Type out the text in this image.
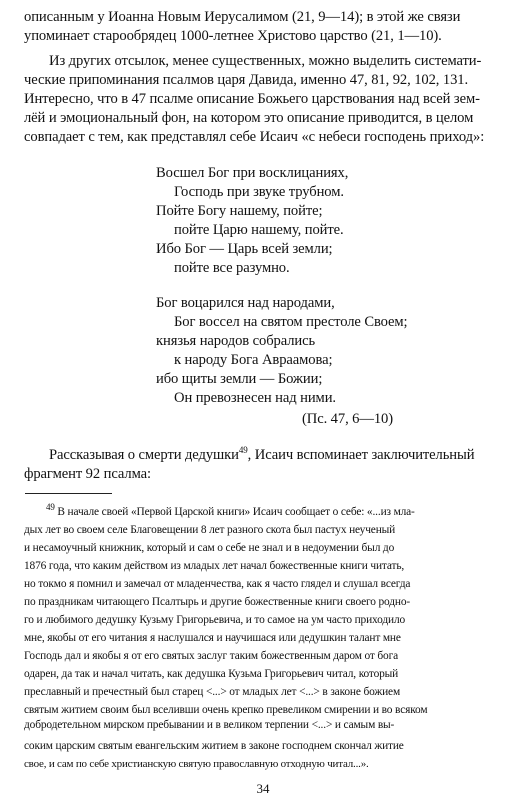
описанным у Иоанна Новым Иерусалимом (21, 9—14); в этой же связи
упоминает старообрядец 1000-летнее Христово царство (21, 1—10).
Из других отсылок, менее существенных, можно выделить системати-
ческие припоминания псалмов царя Давида, именно 47, 81, 92, 102, 131.
Интересно, что в 47 псалме описание Божьего царствования над всей зем-
лёй и эмоциональный фон, на котором это описание приводится, в целом
совпадает с тем, как представлял себе Исаич «с небеси господень приход»:
Восшел Бог при восклицаниях,
Господь при звуке трубном.
Пойте Богу нашему, пойте;
пойте Царю нашему, пойте.
Ибо Бог — Царь всей земли;
пойте все разумно.
Бог воцарился над народами,
Бог воссел на святом престоле Своем;
князья народов собрались
к народу Бога Авраамова;
ибо щиты земли — Божии;
Он превознесен над ними.
(Пс. 47, 6—10)
Рассказывая о смерти дедушки$^{49}$, Исаич вспоминает заключительный
фрагмент 92 псалма:
$^{49}$ В начале своей «Первой Царской книги» Исаич сообщает о себе: «...из мла-
дых лет во своем селе Благовещении 8 лет разного скота был пастух неученый
и несамоучный книжник, который и сам о себе не знал и в недоумении был до
1876 года, что каким действом из младых лет начал божественные книги читать,
но токмо я помнил и замечал от младенчества, как я часто глядел и слушал всегда
по праздникам читающего Псалтырь и другие божественные книги своего родно-
го и любимого дедушку Кузьму Григорьевича, и то самое на ум часто приходило
мне, якобы от его читания я наслушался и научишася или дедушкин талант мне
Господь дал и якобы я от его святых заслуг таким божественным даром от бога
одарен, да так и начал читать, как дедушка Кузьма Григорьевич читал, который
преславный и пречестный был старец <...> от младых лет <...> в законе божием
святым житием своим был вселивши очень крепко превеликом смирении и во всяком добродетельном мирском пребывании и в великом терпении <...> и самым вы-
соким царским святым евангельским житием в законе господнем скончал житие
свое, и сам по себе христианскую святую православную отходную читал...».
34
